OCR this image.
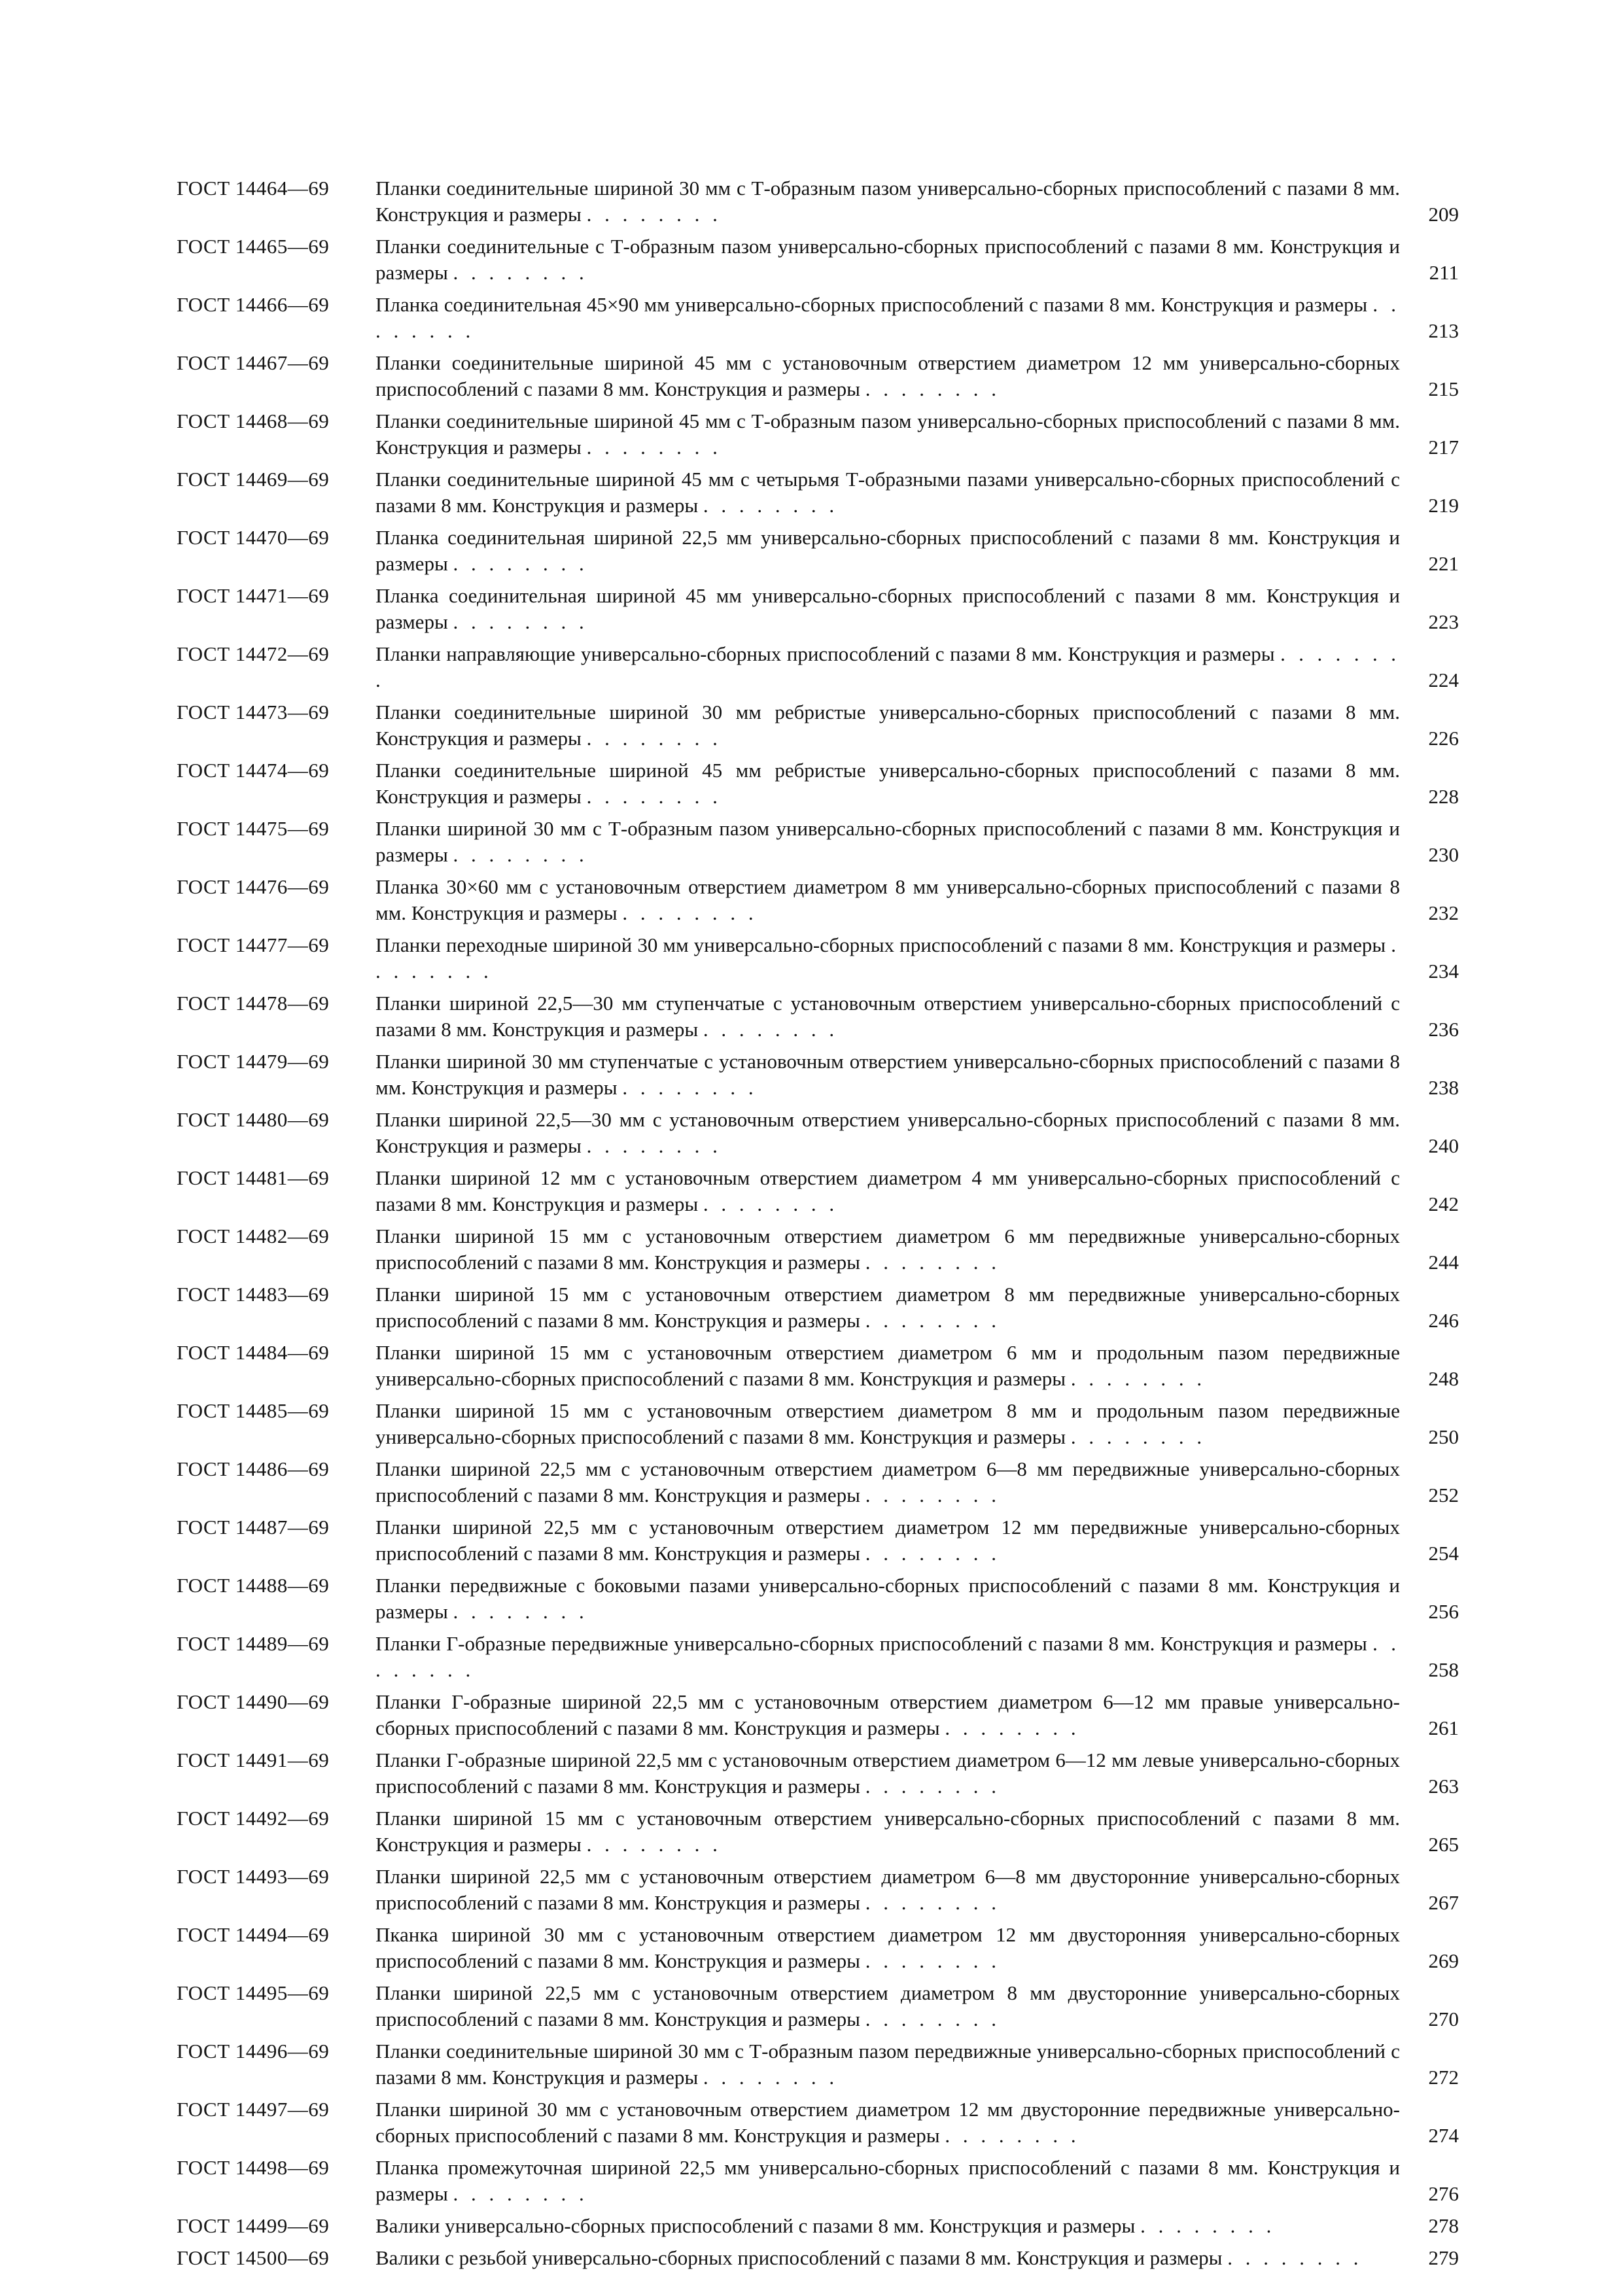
ГОСТ 14464—69	Планки соединительные шириной 30 мм с Т-образным пазом универсально-сборных приспособлений с пазами 8 мм. Конструкция и размеры . . . . . . . .	209
ГОСТ 14465—69	Планки соединительные с Т-образным пазом универсально-сборных приспособлений с пазами 8 мм. Конструкция и размеры . . . . . . . .	211
ГОСТ 14466—69	Планка соединительная 45×90 мм универсально-сборных приспособлений с пазами 8 мм. Конструкция и размеры . . . . . . . .	213
ГОСТ 14467—69	Планки соединительные шириной 45 мм с установочным отверстием диаметром 12 мм универсально-сборных приспособлений с пазами 8 мм. Конструкция и размеры . . . . . . . .	215
ГОСТ 14468—69	Планки соединительные шириной 45 мм с Т-образным пазом универсально-сборных приспособлений с пазами 8 мм. Конструкция и размеры . . . . . . . .	217
ГОСТ 14469—69	Планки соединительные шириной 45 мм с четырьмя Т-образными пазами универсально-сборных приспособлений с пазами 8 мм. Конструкция и размеры . . . . . . . .	219
ГОСТ 14470—69	Планка соединительная шириной 22,5 мм универсально-сборных приспособлений с пазами 8 мм. Конструкция и размеры . . . . . . . .	221
ГОСТ 14471—69	Планка соединительная шириной 45 мм универсально-сборных приспособлений с пазами 8 мм. Конструкция и размеры . . . . . . . .	223
ГОСТ 14472—69	Планки направляющие универсально-сборных приспособлений с пазами 8 мм. Конструкция и размеры . . . . . . . .	224
ГОСТ 14473—69	Планки соединительные шириной 30 мм ребристые универсально-сборных приспособлений с пазами 8 мм. Конструкция и размеры . . . . . . . .	226
ГОСТ 14474—69	Планки соединительные шириной 45 мм ребристые универсально-сборных приспособлений с пазами 8 мм. Конструкция и размеры . . . . . . . .	228
ГОСТ 14475—69	Планки шириной 30 мм с Т-образным пазом универсально-сборных приспособлений с пазами 8 мм. Конструкция и размеры . . . . . . . .	230
ГОСТ 14476—69	Планка 30×60 мм с установочным отверстием диаметром 8 мм универсально-сборных приспособлений с пазами 8 мм. Конструкция и размеры . . . . . . . .	232
ГОСТ 14477—69	Планки переходные шириной 30 мм универсально-сборных приспособлений с пазами 8 мм. Конструкция и размеры . . . . . . . .	234
ГОСТ 14478—69	Планки шириной 22,5—30 мм ступенчатые с установочным отверстием универсально-сборных приспособлений с пазами 8 мм. Конструкция и размеры . . . . . . . .	236
ГОСТ 14479—69	Планки шириной 30 мм ступенчатые с установочным отверстием универсально-сборных приспособлений с пазами 8 мм. Конструкция и размеры . . . . . . . .	238
ГОСТ 14480—69	Планки шириной 22,5—30 мм с установочным отверстием универсально-сборных приспособлений с пазами 8 мм. Конструкция и размеры . . . . . . . .	240
ГОСТ 14481—69	Планки шириной 12 мм с установочным отверстием диаметром 4 мм универсально-сборных приспособлений с пазами 8 мм. Конструкция и размеры . . . . . . . .	242
ГОСТ 14482—69	Планки шириной 15 мм с установочным отверстием диаметром 6 мм передвижные универсально-сборных приспособлений с пазами 8 мм. Конструкция и размеры . . . . . . . .	244
ГОСТ 14483—69	Планки шириной 15 мм с установочным отверстием диаметром 8 мм передвижные универсально-сборных приспособлений с пазами 8 мм. Конструкция и размеры . . . . . . . .	246
ГОСТ 14484—69	Планки шириной 15 мм с установочным отверстием диаметром 6 мм и продольным пазом передвижные универсально-сборных приспособлений с пазами 8 мм. Конструкция и размеры . . . . . . . .	248
ГОСТ 14485—69	Планки шириной 15 мм с установочным отверстием диаметром 8 мм и продольным пазом передвижные универсально-сборных приспособлений с пазами 8 мм. Конструкция и размеры . . . . . . . .	250
ГОСТ 14486—69	Планки шириной 22,5 мм с установочным отверстием диаметром 6—8 мм передвижные универсально-сборных приспособлений с пазами 8 мм. Конструкция и размеры . . . . . . . .	252
ГОСТ 14487—69	Планки шириной 22,5 мм с установочным отверстием диаметром 12 мм передвижные универсально-сборных приспособлений с пазами 8 мм. Конструкция и размеры . . . . . . . .	254
ГОСТ 14488—69	Планки передвижные с боковыми пазами универсально-сборных приспособлений с пазами 8 мм. Конструкция и размеры . . . . . . . .	256
ГОСТ 14489—69	Планки Г-образные передвижные универсально-сборных приспособлений с пазами 8 мм. Конструкция и размеры . . . . . . . .	258
ГОСТ 14490—69	Планки Г-образные шириной 22,5 мм с установочным отверстием диаметром 6—12 мм правые универсально-сборных приспособлений с пазами 8 мм. Конструкция и размеры . . . . . . . .	261
ГОСТ 14491—69	Планки Г-образные шириной 22,5 мм с установочным отверстием диаметром 6—12 мм левые универсально-сборных приспособлений с пазами 8 мм. Конструкция и размеры . . . . . . . .	263
ГОСТ 14492—69	Планки шириной 15 мм с установочным отверстием универсально-сборных приспособлений с пазами 8 мм. Конструкция и размеры . . . . . . . .	265
ГОСТ 14493—69	Планки шириной 22,5 мм с установочным отверстием диаметром 6—8 мм двусторонние универсально-сборных приспособлений с пазами 8 мм. Конструкция и размеры . . . . . . . .	267
ГОСТ 14494—69	Пканка шириной 30 мм с установочным отверстием диаметром 12 мм двусторонняя универсально-сборных приспособлений с пазами 8 мм. Конструкция и размеры . . . . . . . .	269
ГОСТ 14495—69	Планки шириной 22,5 мм с установочным отверстием диаметром 8 мм двусторонние универсально-сборных приспособлений с пазами 8 мм. Конструкция и размеры . . . . . . . .	270
ГОСТ 14496—69	Планки соединительные шириной 30 мм с Т-образным пазом передвижные универсально-сборных приспособлений с пазами 8 мм. Конструкция и размеры . . . . . . . .	272
ГОСТ 14497—69	Планки шириной 30 мм с установочным отверстием диаметром 12 мм двусторонние передвижные универсально-сборных приспособлений с пазами 8 мм. Конструкция и размеры . . . . . . . .	274
ГОСТ 14498—69	Планка промежуточная шириной 22,5 мм универсально-сборных приспособлений с пазами 8 мм. Конструкция и размеры . . . . . . . .	276
ГОСТ 14499—69	Валики универсально-сборных приспособлений с пазами 8 мм. Конструкция и размеры . . . . . . . .	278
ГОСТ 14500—69	Валики с резьбой универсально-сборных приспособлений с пазами 8 мм. Конструкция и размеры . . . . . . . .	279
